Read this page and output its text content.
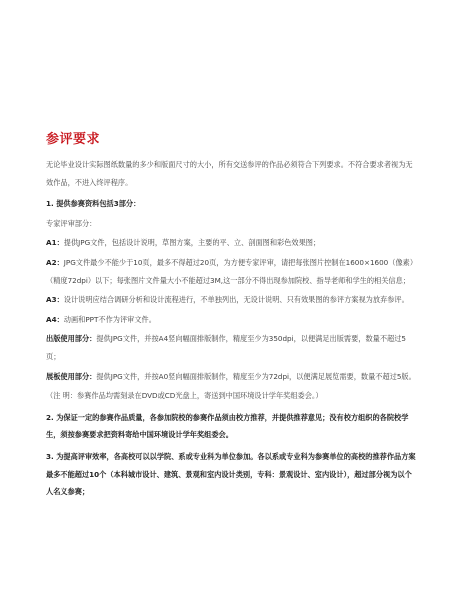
参评要求

无论毕业设计实际图纸数量的多少和版面尺寸的大小，所有交送参评的作品必须符合下列要求。不符合要求者视为无效作品，不进入终评程序。

1. 提供参赛资料包括3部分：

专家评审部分：

A1：提供JPG文件，包括设计说明，草图方案，主要的平、立、剖面图和彩色效果图；

A2：JPG文件最少不能少于10页，最多不得超过20页，为方便专家评审，请把每张图片控制在1600×1600（像素）（精度72dpi）以下；每张图片文件量大小不能超过3M,这一部分不得出现参加院校、指导老师和学生的相关信息；

A3：设计说明应结合调研分析和设计流程进行，不单独列出，无设计说明、只有效果图的参评方案视为放弃参评。

A4：动画和PPT不作为评审文件。

出版使用部分：提供JPG文件，并按A4竖向幅面排版制作，精度至少为350dpi，以便满足出版需要，数量不超过5页；

展板使用部分：提供JPG文件，并按A0竖向幅面排版制作，精度至少为72dpi，以便满足展览需要，数量不超过5版。

（注 明：参赛作品均需刻录在DVD或CD光盘上，寄送到中国环境设计学年奖组委会。）

2. 为保证一定的参赛作品质量，各参加院校的参赛作品须由校方推荐，并提供推荐意见；没有校方组织的各院校学生，须按参赛要求把资料寄给中国环境设计学年奖组委会。

3. 为提高评审效率，各高校可以以学院、系或专业科为单位参加。各以系或专业科为参赛单位的高校的推荐作品方案最多不能超过10个（本科城市设计、建筑、景观和室内设计类别，专科：景观设计、室内设计），超过部分视为以个人名义参赛；
